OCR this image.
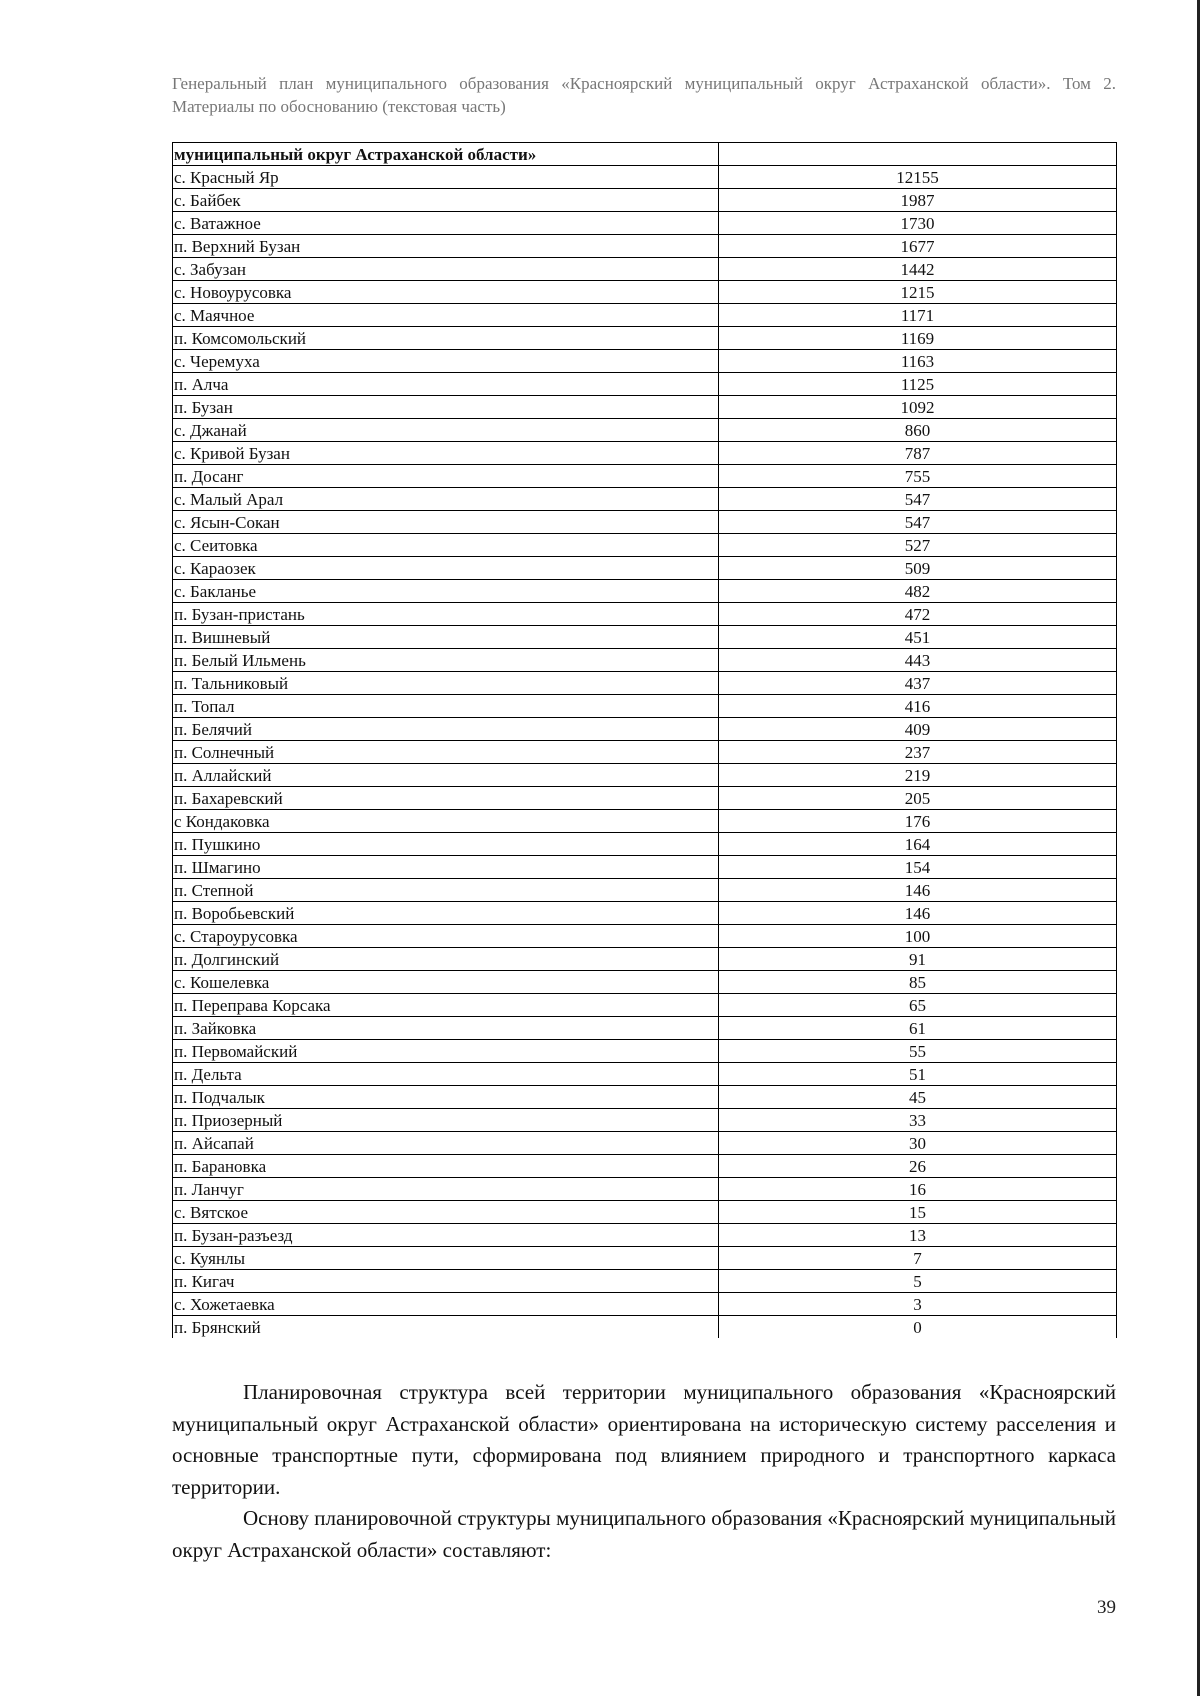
Генеральный план муниципального образования «Красноярский муниципальный округ Астраханской области». Том 2. Материалы по обоснованию (текстовая часть)
муниципальный округ Астраханской области»	
с. Красный Яр	12155
с. Байбек	1987
с. Ватажное	1730
п. Верхний Бузан	1677
с. Забузан	1442
с. Новоурусовка	1215
с. Маячное	1171
п. Комсомольский	1169
с. Черемуха	1163
п. Алча	1125
п. Бузан	1092
с. Джанай	860
с. Кривой Бузан	787
п. Досанг	755
с. Малый Арал	547
с. Ясын-Сокан	547
с. Сеитовка	527
с. Караозек	509
с. Бакланье	482
п. Бузан-пристань	472
п. Вишневый	451
п. Белый Ильмень	443
п. Тальниковый	437
п. Топал	416
п. Белячий	409
п. Солнечный	237
п. Аллайский	219
п. Бахаревский	205
с Кондаковка	176
п. Пушкино	164
п. Шмагино	154
п. Степной	146
п. Воробьевский	146
с. Староурусовка	100
п. Долгинский	91
с. Кошелевка	85
п. Переправа Корсака	65
п. Зайковка	61
п. Первомайский	55
п. Дельта	51
п. Подчалык	45
п. Приозерный	33
п. Айсапай	30
п. Барановка	26
п. Ланчуг	16
с. Вятское	15
п. Бузан-разъезд	13
с. Куянлы	7
п. Кигач	5
с. Хожетаевка	3
п. Брянский	0

Планировочная структура всей территории муниципального образования «Красноярский муниципальный округ Астраханской области» ориентирована на историческую систему расселения и основные транспортные пути, сформирована под влиянием природного и транспортного каркаса территории.

Основу планировочной структуры муниципального образования «Красноярский муниципальный округ Астраханской области» составляют:

39
